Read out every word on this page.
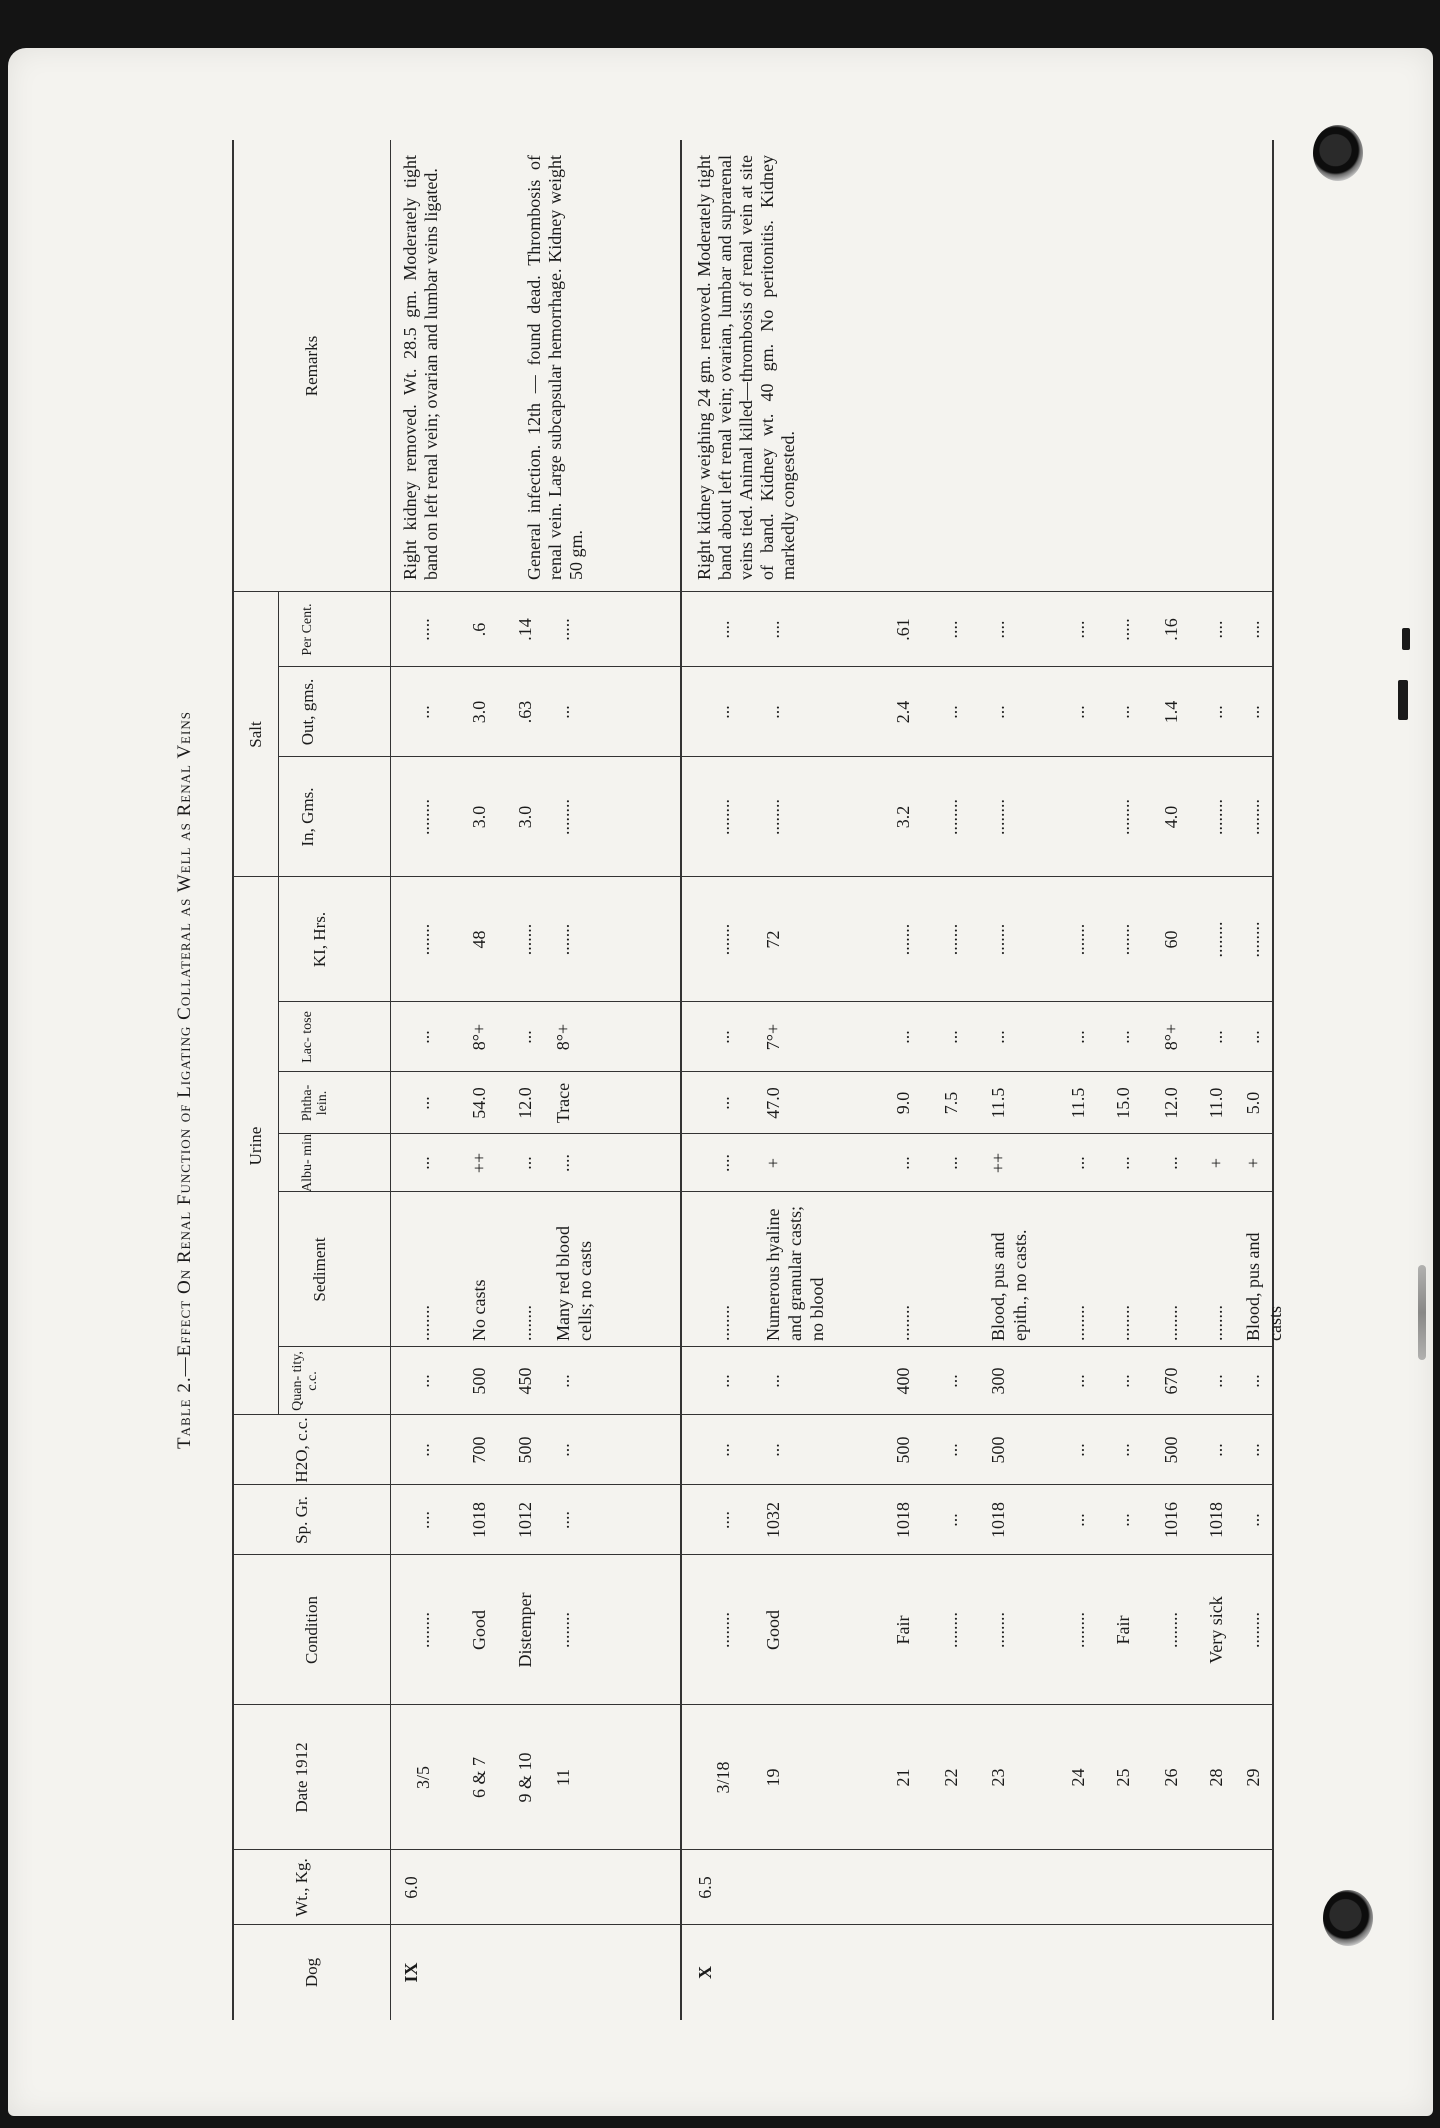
Table 2.—Effect On Renal Function of Ligating Collateral as Well as Renal Veins
Dog
Wt., Kg.
Date 1912
Condition
Sp. Gr.
H2O, c.c.
Urine
Quan- tity, c.c.
Sediment
Albu- min
Phtha- lein.
Lac- tose
KI, Hrs.
Salt
In, Gms.
Out, gms.
Per Cent.
Remarks
IX
6.0
3/5
........
....
...
...
........
...
...
...
.......
........
...
.....
6 & 7
Good
1018
700
500
No casts
++
54.0
8°+
48
3.0
3.0
.6
9 & 10
Distemper
1012
500
450
........
...
12.0
...
.......
3.0
.63
.14
11
........
....
...
...
Many red blood cells; no casts
....
Trace
8°+
.......
........
...
.....
X
6.5
3/18
........
....
...
...
........
....
...
...
.......
........
...
....
19
Good
1032
...
...
Numerous hyaline and granular casts; no blood
+
47.0
7°+
72
........
...
....
21
Fair
1018
500
400
........
...
9.0
...
.......
3.2
2.4
.61
22
........
...
...
...
...
7.5
...
.......
........
...
....
23
........
1018
500
300
Blood, pus and epith., no casts.
++
11.5
...
.......
........
...
....
24
........
...
...
...
........
...
11.5
...
.......
...
....
25
Fair
...
...
...
........
...
15.0
...
.......
........
...
.....
26
........
1016
500
670
........
...
12.0
8°+
60
4.0
1.4
.16
28
Very sick
1018
...
...
........
+
11.0
...
........
........
...
....
29
........
...
...
...
Blood, pus and casts
+
5.0
...
........
........
...
....
Right kidney removed. Wt. 28.5 gm. Moderately tight band on left renal vein; ovarian and lumbar veins ligated.	General infection. 12th — found dead. Thrombosis of renal vein. Large subcapsular hemorrhage. Kidney weight 50 gm.	Right kidney weighing 24 gm. removed. Moderately tight band about left renal vein; ovarian, lumbar and suprarenal veins tied. Animal killed—thrombosis of renal vein at site of band. Kidney wt. 40 gm. No peritonitis. Kidney markedly congested.
